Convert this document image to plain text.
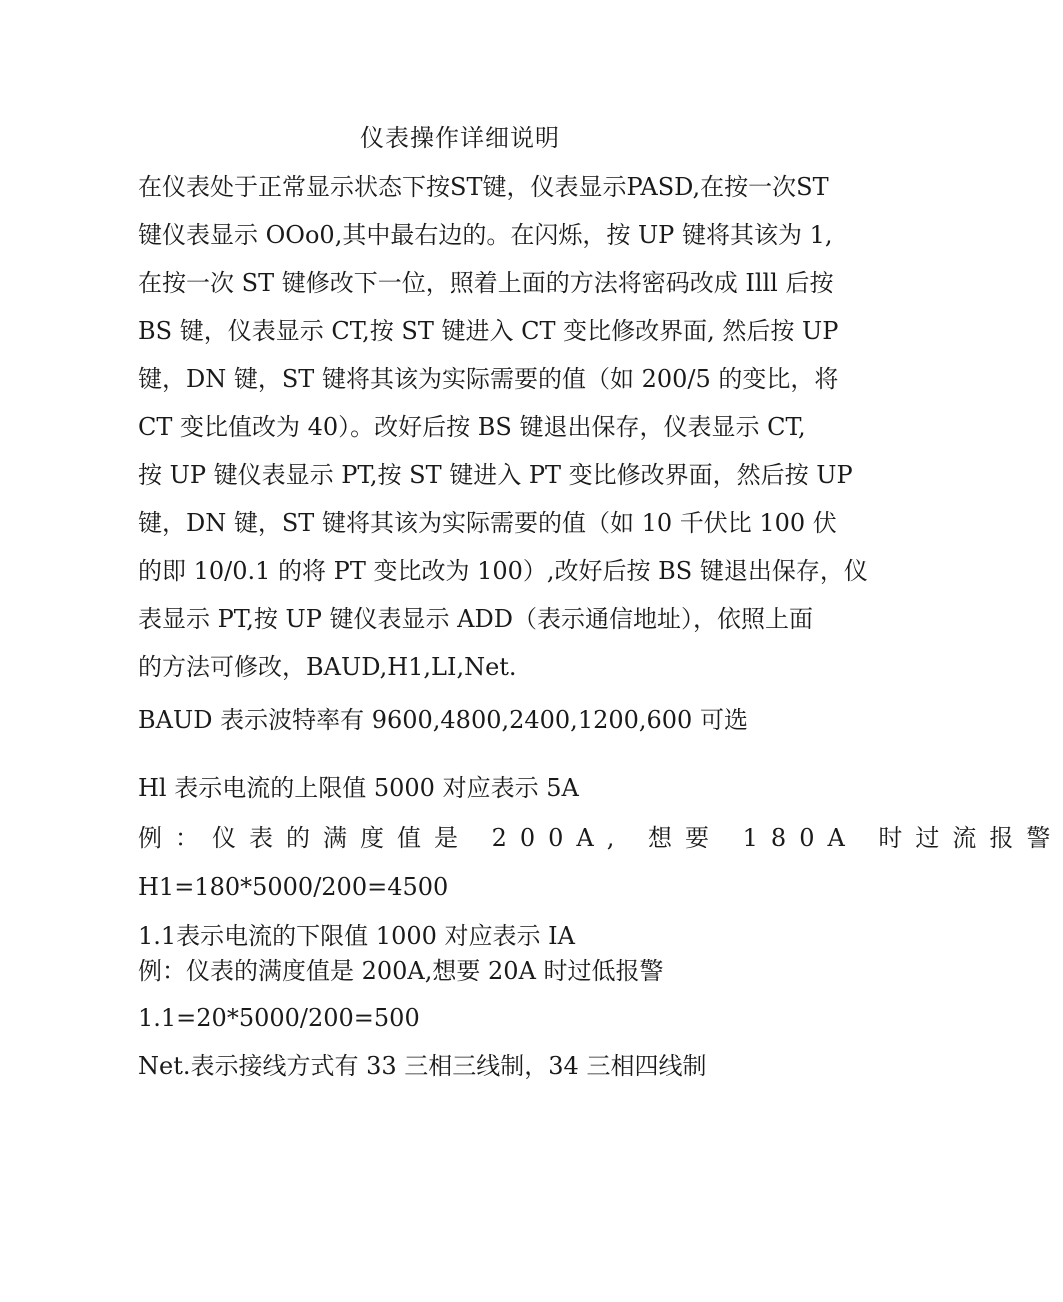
仪表操作详细说明
在仪表处于正常显示状态下按ST键，仪表显示PASD,在按一次ST
键仪表显示 OOo0,其中最右边的。在闪烁，按 UP 键将其该为 1,
在按一次 ST 键修改下一位，照着上面的方法将密码改成 Illl 后按
BS 键，仪表显示 CT,按 ST 键进入 CT 变比修改界面, 然后按 UP
键，DN 键，ST 键将其该为实际需要的值（如 200/5 的变比，将
CT 变比值改为 40）。改好后按 BS 键退出保存，仪表显示 CT,
按 UP 键仪表显示 PT,按 ST 键进入 PT 变比修改界面，然后按 UP
键，DN 键，ST 键将其该为实际需要的值（如 10 千伏比 100 伏
的即 10/0.1 的将 PT 变比改为 100）,改好后按 BS 键退出保存，仪
表显示 PT,按 UP 键仪表显示 ADD（表示通信地址），依照上面
的方法可修改，BAUD,H1,LI,Net.
BAUD 表示波特率有 9600,4800,2400,1200,600 可选
Hl 表示电流的上限值 5000 对应表示 5A
例：仪表的满度值是 200A, 想要 180A 时过流报警
H1=180*5000/200=4500
1.1表示电流的下限值 1000 对应表示 IA
例：仪表的满度值是 200A,想要 20A 时过低报警
1.1=20*5000/200=500
Net.表示接线方式有 33 三相三线制，34 三相四线制
